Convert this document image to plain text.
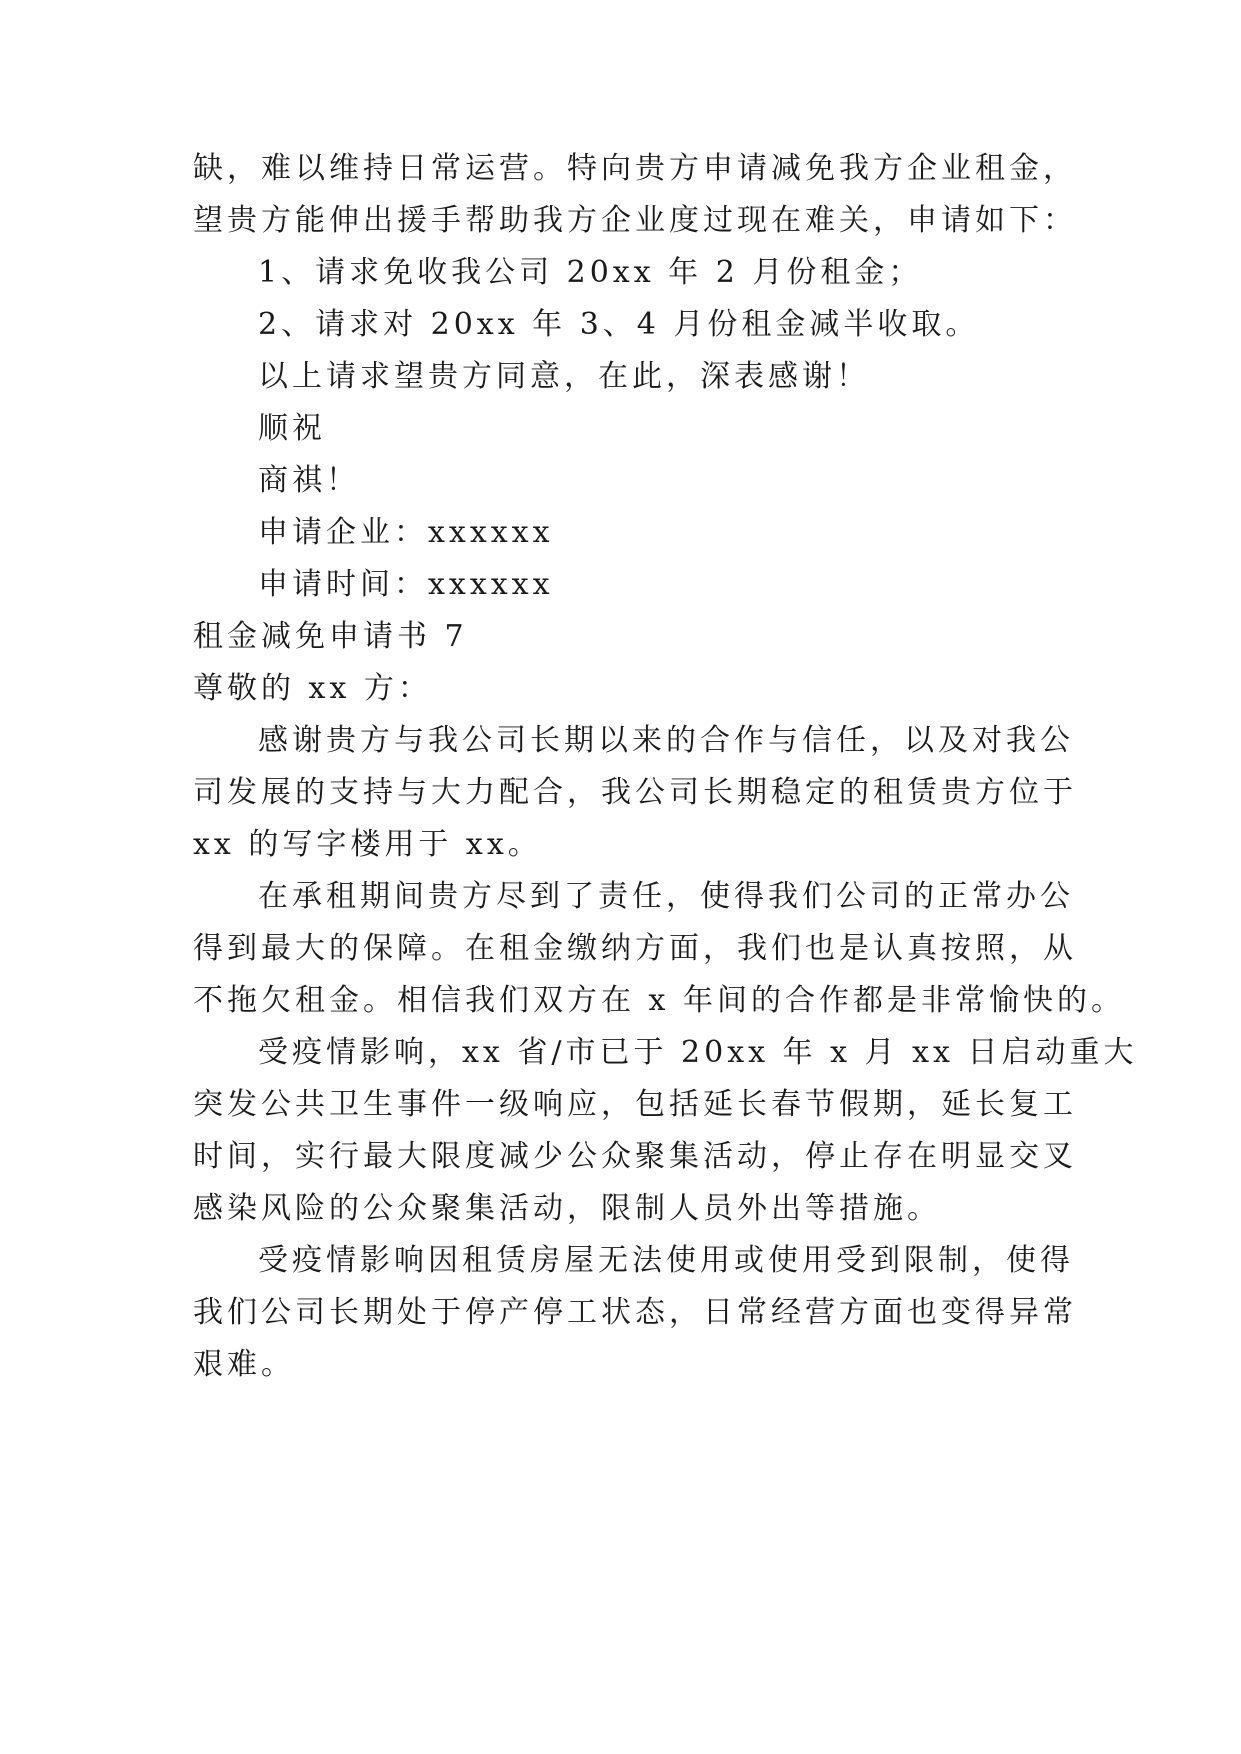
缺，难以维持日常运营。特向贵方申请减免我方企业租金，
望贵方能伸出援手帮助我方企业度过现在难关，申请如下：
1、请求免收我公司 20xx 年 2 月份租金；
2、请求对 20xx 年 3、4 月份租金减半收取。
以上请求望贵方同意，在此，深表感谢！
顺祝
商祺！
申请企业：xxxxxx
申请时间：xxxxxx
租金减免申请书 7
尊敬的 xx 方：
感谢贵方与我公司长期以来的合作与信任，以及对我公
司发展的支持与大力配合，我公司长期稳定的租赁贵方位于
xx 的写字楼用于 xx。
在承租期间贵方尽到了责任，使得我们公司的正常办公
得到最大的保障。在租金缴纳方面，我们也是认真按照，从
不拖欠租金。相信我们双方在 x 年间的合作都是非常愉快的。
受疫情影响，xx 省/市已于 20xx 年 x 月 xx 日启动重大
突发公共卫生事件一级响应，包括延长春节假期，延长复工
时间，实行最大限度减少公众聚集活动，停止存在明显交叉
感染风险的公众聚集活动，限制人员外出等措施。
受疫情影响因租赁房屋无法使用或使用受到限制，使得
我们公司长期处于停产停工状态，日常经营方面也变得异常
艰难。
